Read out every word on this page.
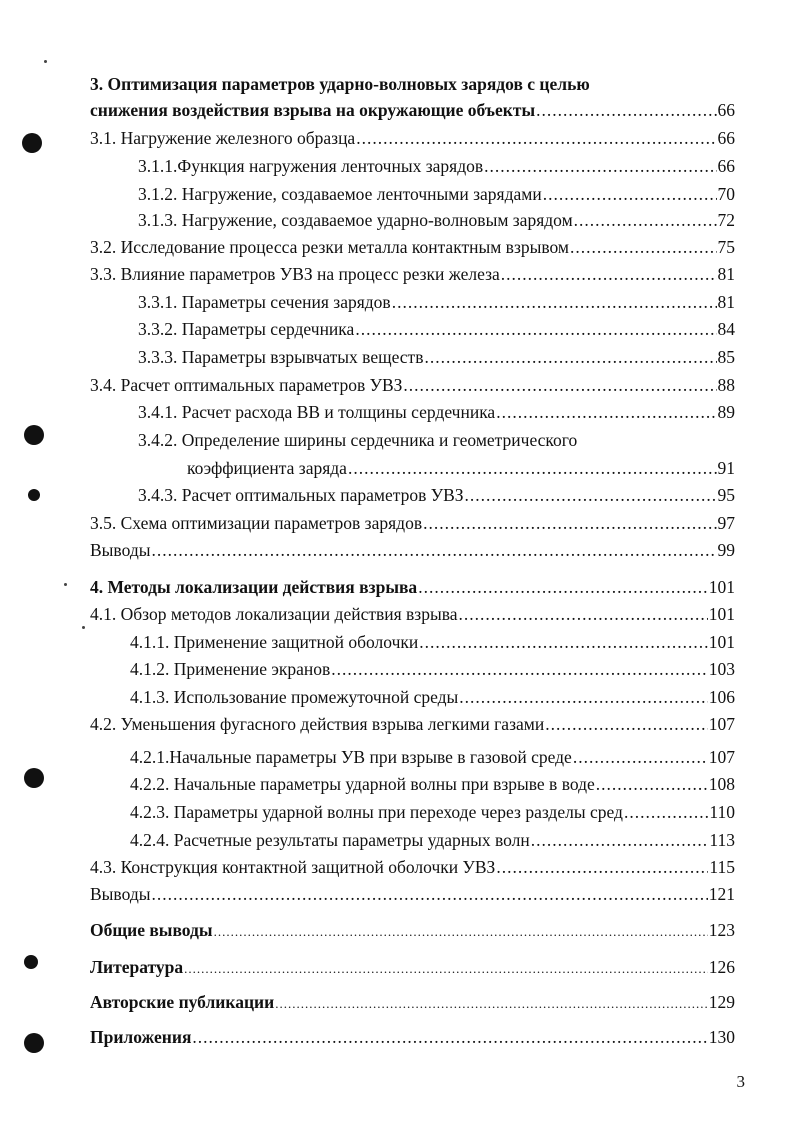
3. Оптимизация параметров ударно-волновых зарядов с целью
снижения воздействия взрыва на окружающие объекты .....	66
3.1. Нагружение железного образца .....	66
3.1.1.Функция нагружения ленточных зарядов .....	66
3.1.2. Нагружение, создаваемое ленточными зарядами .....	70
3.1.3. Нагружение, создаваемое ударно-волновым зарядом .....	72
3.2. Исследование процесса резки металла контактным взрывом .....	75
3.3. Влияние параметров УВЗ на процесс резки железа .....	81
3.3.1. Параметры сечения зарядов .....	81
3.3.2. Параметры сердечника .....	84
3.3.3. Параметры взрывчатых веществ .....	85
3.4. Расчет оптимальных параметров УВЗ .....	88
3.4.1. Расчет расхода ВВ и толщины сердечника .....	89
3.4.2. Определение ширины сердечника и геометрического
коэффициента заряда .....	91
3.4.3. Расчет оптимальных параметров УВЗ .....	95
3.5. Схема оптимизации параметров зарядов .....	97
Выводы .....	99
4. Методы локализации действия взрыва .....	101
4.1. Обзор методов локализации действия взрыва .....	101
4.1.1. Применение защитной оболочки .....	101
4.1.2. Применение экранов .....	103
4.1.3. Использование промежуточной среды .....	106
4.2. Уменьшения фугасного действия взрыва легкими газами .....	107
4.2.1.Начальные параметры УВ при взрыве в газовой среде .....	107
4.2.2. Начальные параметры ударной волны при взрыве в воде .....	108
4.2.3. Параметры ударной волны при переходе через разделы сред .....	110
4.2.4. Расчетные результаты параметры ударных волн .....	113
4.3. Конструкция контактной защитной оболочки УВЗ .....	115
Выводы .....	121
Общие выводы .....	123
Литература .....	126
Авторские публикации .....	129
Приложения .....	130
3
